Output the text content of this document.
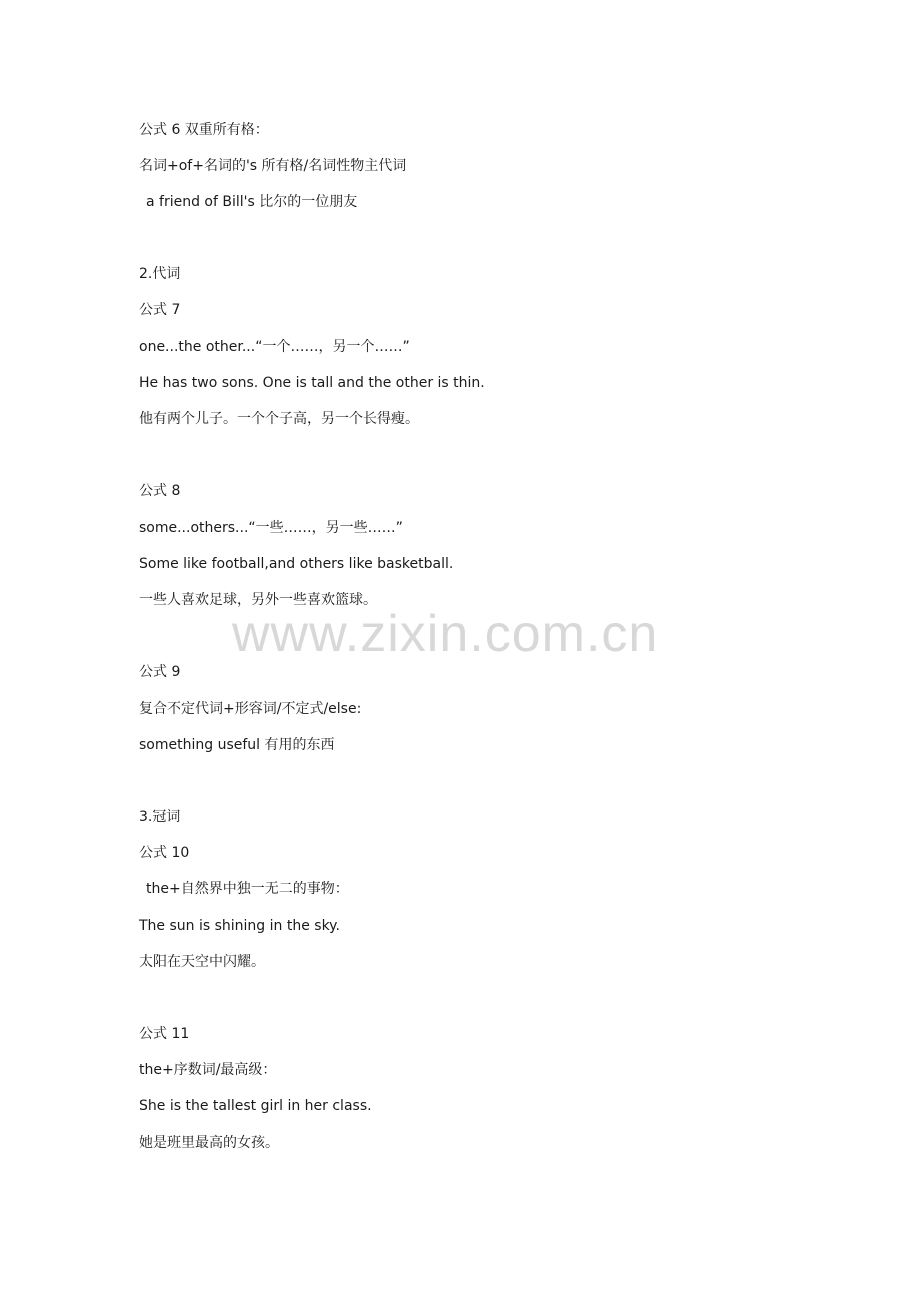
公式 6 双重所有格：
名词+of+名词的's 所有格/名词性物主代词
a friend of Bill's 比尔的一位朋友
2.代词
公式 7
one...the other...“一个……，另一个……”
He has two sons. One is tall and the other is thin.
他有两个儿子。一个个子高，另一个长得瘦。
公式 8
some...others...“一些……，另一些……”
Some like football,and others like basketball.
一些人喜欢足球，另外一些喜欢篮球。
公式 9
复合不定代词+形容词/不定式/else:
something useful 有用的东西
3.冠词
公式 10
the+自然界中独一无二的事物：
The sun is shining in the sky.
太阳在天空中闪耀。
公式 11
the+序数词/最高级：
She is the tallest girl in her class.
她是班里最高的女孩。
www.zixin.com.cn
